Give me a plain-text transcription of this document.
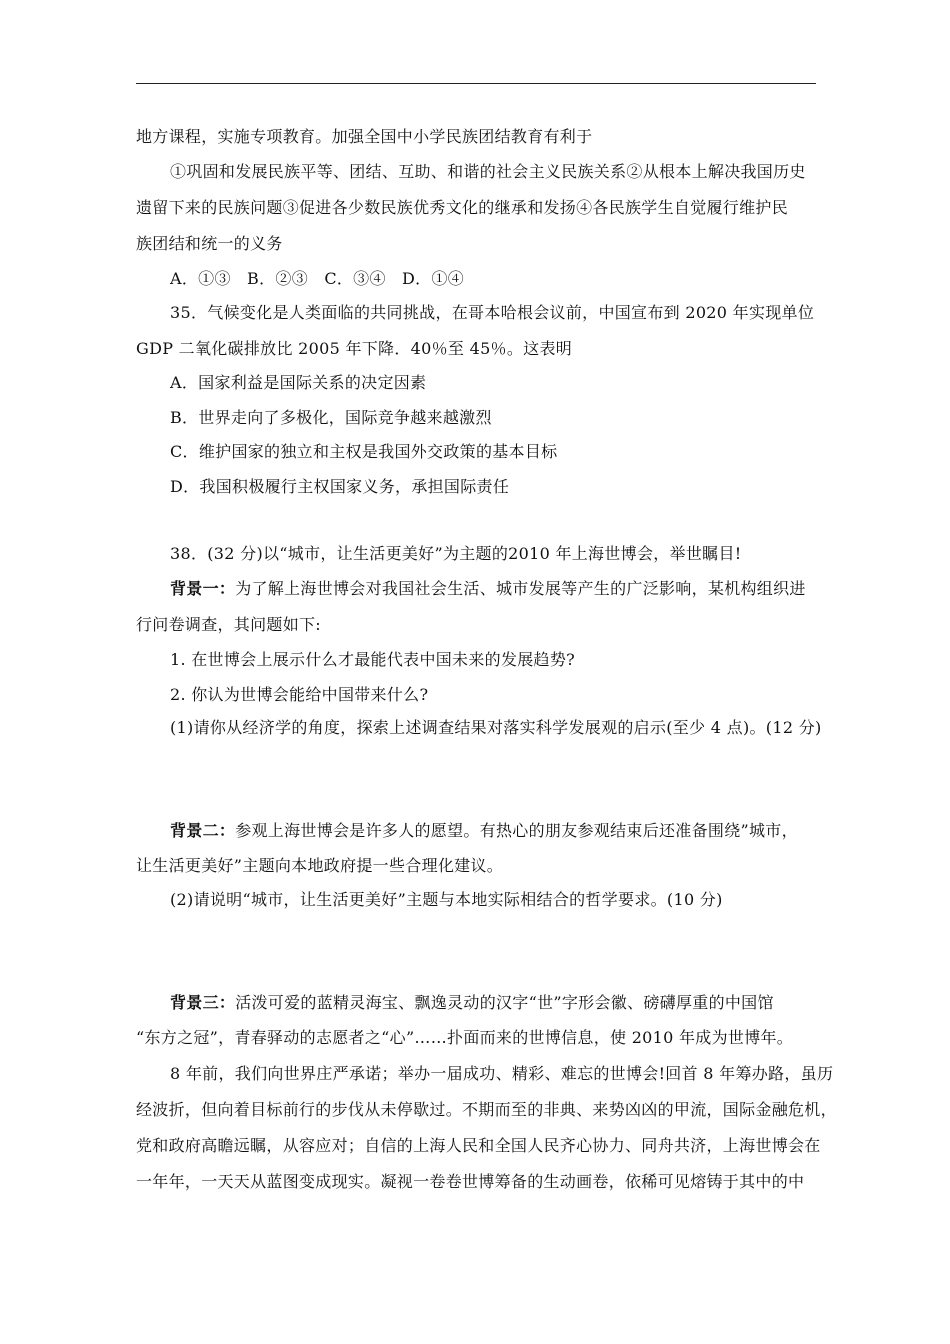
地方课程，实施专项教育。加强全国中小学民族团结教育有利于
①巩固和发展民族平等、团结、互助、和谐的社会主义民族关系②从根本上解决我国历史
遗留下来的民族问题③促进各少数民族优秀文化的继承和发扬④各民族学生自觉履行维护民
族团结和统一的义务
A．①③　B．②③　C．③④　D．①④
35．气候变化是人类面临的共同挑战，在哥本哈根会议前，中国宣布到 2020 年实现单位
GDP 二氧化碳排放比 2005 年下降．40％至 45％。这表明
A．国家利益是国际关系的决定因素
B．世界走向了多极化，国际竞争越来越激烈
C．维护国家的独立和主权是我国外交政策的基本目标
D．我国积极履行主权国家义务，承担国际责任
38．(32 分)以“城市，让生活更美好”为主题的2010 年上海世博会，举世瞩目!
背景一：为了解上海世博会对我国社会生活、城市发展等产生的广泛影响，某机构组织进
行问卷调查，其问题如下:
1. 在世博会上展示什么才最能代表中国未来的发展趋势?
2. 你认为世博会能给中国带来什么?
(1)请你从经济学的角度，探索上述调查结果对落实科学发展观的启示(至少 4 点)。(12 分)
背景二：参观上海世博会是许多人的愿望。有热心的朋友参观结束后还准备围绕”城市，
让生活更美好”主题向本地政府提一些合理化建议。
(2)请说明“城市，让生活更美好”主题与本地实际相结合的哲学要求。(10 分)
背景三：活泼可爱的蓝精灵海宝、飘逸灵动的汉字“世”字形会徽、磅礴厚重的中国馆
“东方之冠”，青春驿动的志愿者之“心”……扑面而来的世博信息，使 2010 年成为世博年。
8 年前，我们向世界庄严承诺；举办一届成功、精彩、难忘的世博会!回首 8 年筹办路，虽历
经波折，但向着目标前行的步伐从未停歇过。不期而至的非典、来势凶凶的甲流，国际金融危机，
党和政府高瞻远瞩，从容应对；自信的上海人民和全国人民齐心协力、同舟共济，上海世博会在
一年年，一天天从蓝图变成现实。凝视一卷卷世博筹备的生动画卷，依稀可见熔铸于其中的中
